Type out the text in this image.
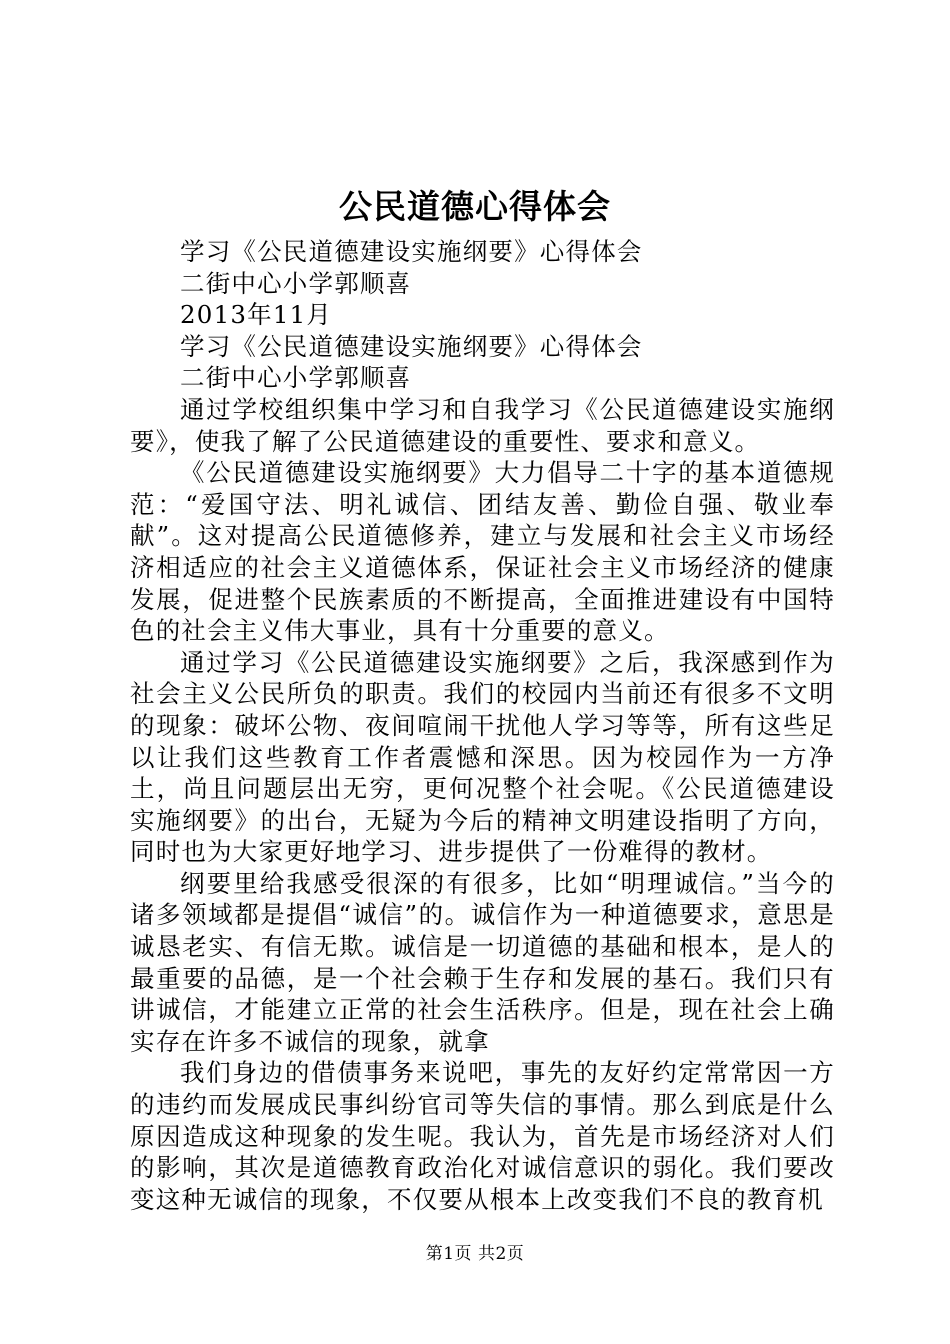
公民道德心得体会

学习《公民道德建设实施纲要》心得体会

二街中心小学郭顺喜

2013年11月

学习《公民道德建设实施纲要》心得体会

二街中心小学郭顺喜

通过学校组织集中学习和自我学习《公民道德建设实施纲要》，使我了解了公民道德建设的重要性、要求和意义。

《公民道德建设实施纲要》大力倡导二十字的基本道德规范：“爱国守法、明礼诚信、团结友善、勤俭自强、敬业奉献”。这对提高公民道德修养，建立与发展和社会主义市场经济相适应的社会主义道德体系，保证社会主义市场经济的健康发展，促进整个民族素质的不断提高，全面推进建设有中国特色的社会主义伟大事业，具有十分重要的意义。

通过学习《公民道德建设实施纲要》之后，我深感到作为社会主义公民所负的职责。我们的校园内当前还有很多不文明的现象：破坏公物、夜间喧闹干扰他人学习等等，所有这些足以让我们这些教育工作者震憾和深思。因为校园作为一方净土，尚且问题层出无穷，更何况整个社会呢。《公民道德建设实施纲要》的出台，无疑为今后的精神文明建设指明了方向，同时也为大家更好地学习、进步提供了一份难得的教材。

纲要里给我感受很深的有很多，比如“明理诚信。”当今的诸多领域都是提倡“诚信”的。诚信作为一种道德要求，意思是诚恳老实、有信无欺。诚信是一切道德的基础和根本，是人的最重要的品德，是一个社会赖于生存和发展的基石。我们只有讲诚信，才能建立正常的社会生活秩序。但是，现在社会上确实存在许多不诚信的现象，就拿

我们身边的借债事务来说吧，事先的友好约定常常因一方的违约而发展成民事纠纷官司等失信的事情。那么到底是什么原因造成这种现象的发生呢。我认为，首先是市场经济对人们的影响，其次是道德教育政治化对诚信意识的弱化。我们要改变这种无诚信的现象，不仅要从根本上改变我们不良的教育机

第1页 共2页
